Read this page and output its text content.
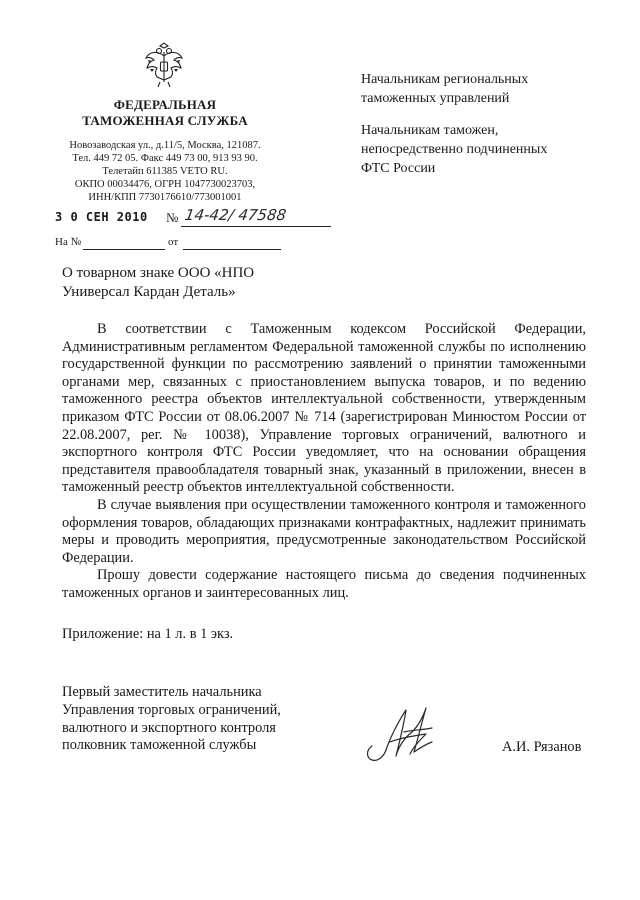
ФЕДЕРАЛЬНАЯ
ТАМОЖЕННАЯ СЛУЖБА
Новозаводская ул., д.11/5, Москва, 121087.
Тел. 449 72 05. Факс 449 73 00, 913 93 90.
Телетайп 611385 VETO RU.
ОКПО 00034476, ОГРН 1047730023703,
ИНН/КПП 7730176610/773001001
3 0 СЕН 2010 № 14-42/ 47588
На №	от
Начальникам региональных
таможенных управлений
Начальникам таможен,
непосредственно подчиненных
ФТС России
О товарном знаке ООО «НПО
Универсал Кардан Деталь»

В соответствии с Таможенным кодексом Российской Федерации, Административным регламентом Федеральной таможенной службы по исполнению государственной функции по рассмотрению заявлений о принятии таможенными органами мер, связанных с приостановлением выпуска товаров, и по ведению таможенного реестра объектов интеллектуальной собственности, утвержденным приказом ФТС России от 08.06.2007 № 714 (зарегистрирован Минюстом России от 22.08.2007, рег. № 10038), Управление торговых ограничений, валютного и экспортного контроля ФТС России уведомляет, что на основании обращения представителя правообладателя товарный знак, указанный в приложении, внесен в таможенный реестр объектов интеллектуальной собственности.

В случае выявления при осуществлении таможенного контроля и таможенного оформления товаров, обладающих признаками контрафактных, надлежит принимать меры и проводить мероприятия, предусмотренные законодательством Российской Федерации.

Прошу довести содержание настоящего письма до сведения подчиненных таможенных органов и заинтересованных лиц.

Приложение: на 1 л. в 1 экз.
Первый заместитель начальника
Управления торговых ограничений,
валютного и экспортного контроля
полковник таможенной службы	А.И. Рязанов
